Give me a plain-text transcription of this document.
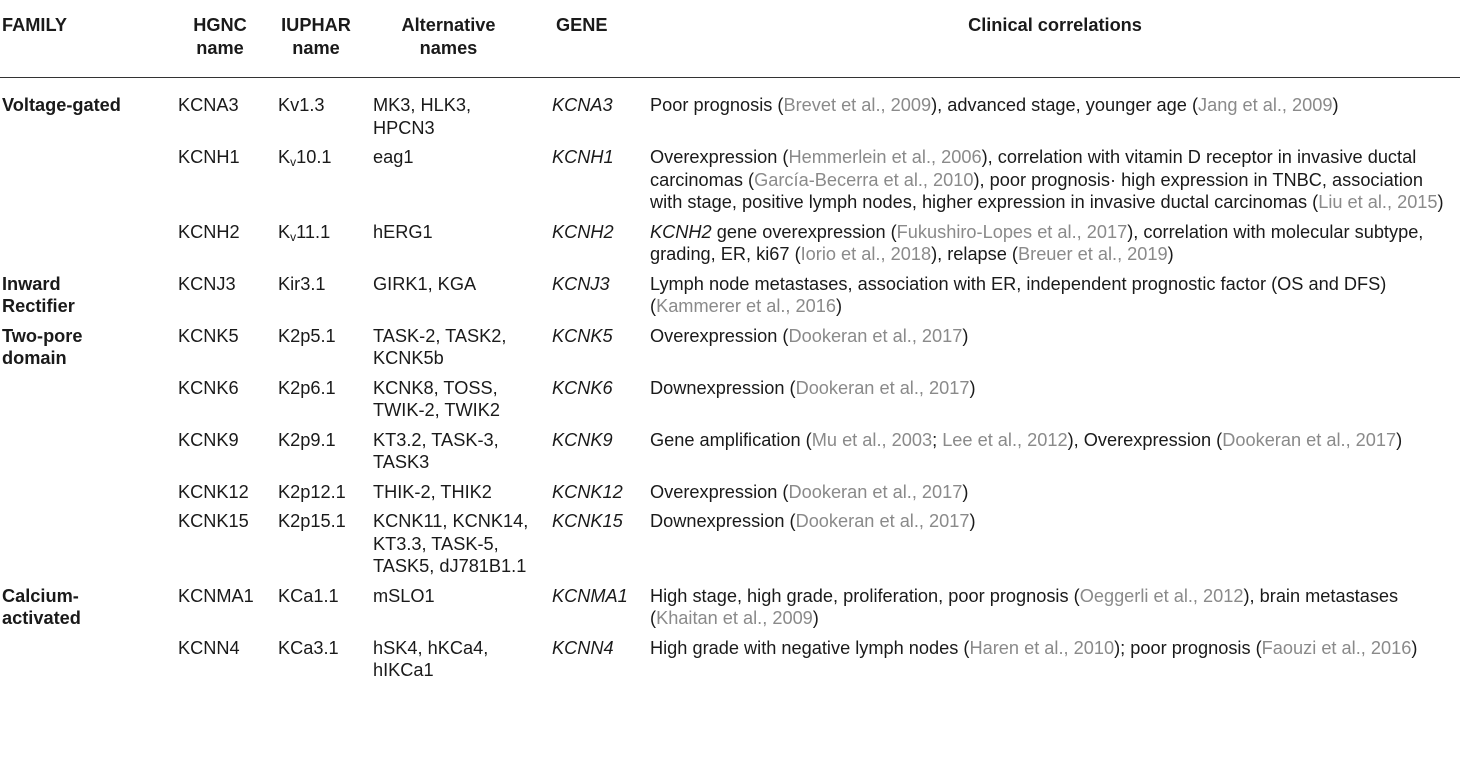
FAMILY	HGNC name	IUPHAR name	Alternative names	GENE	Clinical correlations

Voltage-gated	KCNA3	Kv1.3	MK3, HLK3, HPCN3	KCNA3	Poor prognosis (Brevet et al., 2009), advanced stage, younger age (Jang et al., 2009)

	KCNH1	$K_v10.1$	eag1	KCNH1	Overexpression (Hemmerlein et al., 2006), correlation with vitamin D receptor in invasive ductal carcinomas (García-Becerra et al., 2010), poor prognosis· high expression in TNBC, association with stage, positive lymph nodes, higher expression in invasive ductal carcinomas (Liu et al., 2015)

	KCNH2	$K_v11.1$	hERG1	KCNH2	KCNH2 gene overexpression (Fukushiro-Lopes et al., 2017), correlation with molecular subtype, grading, ER, ki67 (Iorio et al., 2018), relapse (Breuer et al., 2019)

Inward Rectifier	KCNJ3	Kir3.1	GIRK1, KGA	KCNJ3	Lymph node metastases, association with ER, independent prognostic factor (OS and DFS) (Kammerer et al., 2016)

Two-pore domain	KCNK5	K2p5.1	TASK-2, TASK2, KCNK5b	KCNK5	Overexpression (Dookeran et al., 2017)

	KCNK6	K2p6.1	KCNK8, TOSS, TWIK-2, TWIK2	KCNK6	Downexpression (Dookeran et al., 2017)

	KCNK9	K2p9.1	KT3.2, TASK-3, TASK3	KCNK9	Gene amplification (Mu et al., 2003; Lee et al., 2012), Overexpression (Dookeran et al., 2017)

	KCNK12	K2p12.1	THIK-2, THIK2	KCNK12	Overexpression (Dookeran et al., 2017)

	KCNK15	K2p15.1	KCNK11, KCNK14, KT3.3, TASK-5, TASK5, dJ781B1.1	KCNK15	Downexpression (Dookeran et al., 2017)

Calcium-activated	KCNMA1	KCa1.1	mSLO1	KCNMA1	High stage, high grade, proliferation, poor prognosis (Oeggerli et al., 2012), brain metastases (Khaitan et al., 2009)

	KCNN4	KCa3.1	hSK4, hKCa4, hIKCa1	KCNN4	High grade with negative lymph nodes (Haren et al., 2010); poor prognosis (Faouzi et al., 2016)
